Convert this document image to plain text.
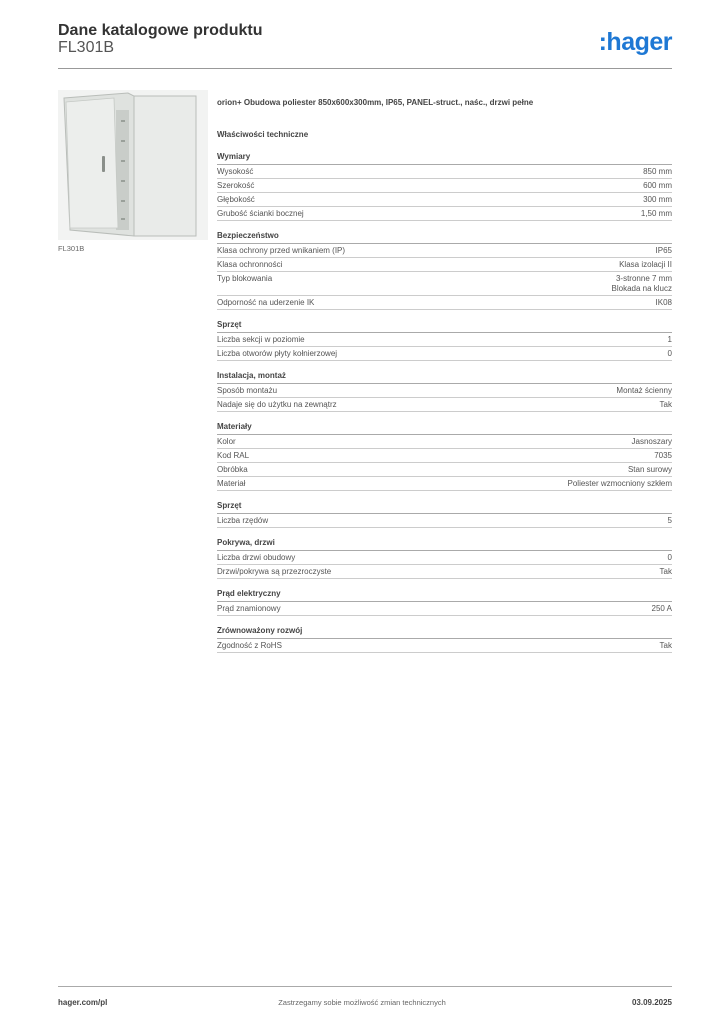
Dane katalogowe produktu
FL301B	:hager
FL301B
orion+ Obudowa poliester 850x600x300mm, IP65, PANEL-struct., naśc., drzwi pełne
Właściwości techniczne
Wymiary
Wysokość	850 mm
Szerokość	600 mm
Głębokość	300 mm
Grubość ścianki bocznej	1,50 mm
Bezpieczeństwo
Klasa ochrony przed wnikaniem (IP)	IP65
Klasa ochronności	Klasa izolacji II
Typ blokowania	3-stronne 7 mm
Blokada na klucz
Odporność na uderzenie IK	IK08
Sprzęt
Liczba sekcji w poziomie	1
Liczba otworów płyty kołnierzowej	0
Instalacja, montaż
Sposób montażu	Montaż ścienny
Nadaje się do użytku na zewnątrz	Tak
Materiały
Kolor	Jasnoszary
Kod RAL	7035
Obróbka	Stan surowy
Materiał	Poliester wzmocniony szkłem
Sprzęt
Liczba rzędów	5
Pokrywa, drzwi
Liczba drzwi obudowy	0
Drzwi/pokrywa są przezroczyste	Tak
Prąd elektryczny
Prąd znamionowy	250 A
Zrównoważony rozwój
Zgodność z RoHS	Tak
hager.com/pl	Zastrzegamy sobie możliwość zmian technicznych	03.09.2025
